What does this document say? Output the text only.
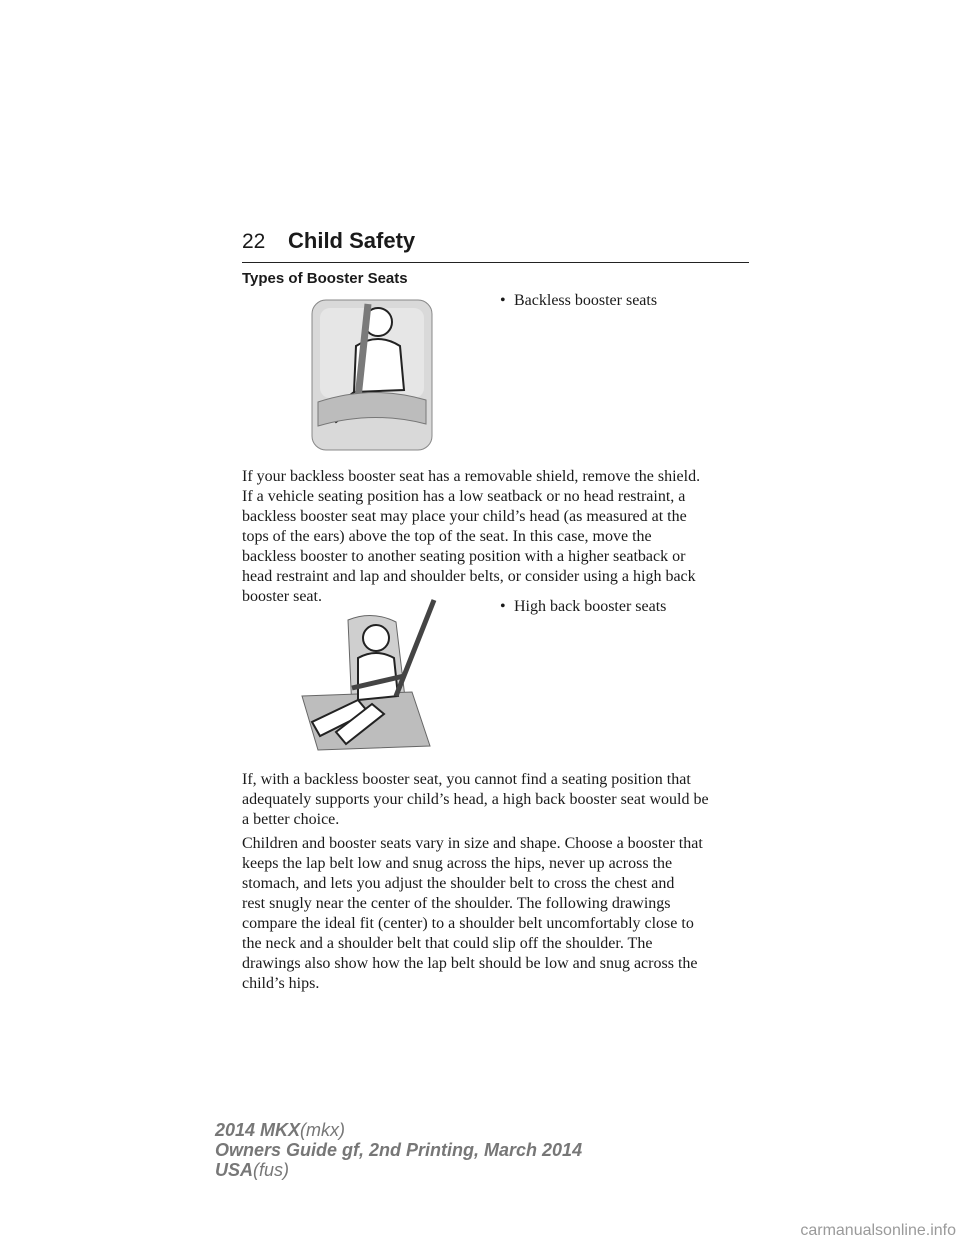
22 Child Safety
Types of Booster Seats
• Backless booster seats
If your backless booster seat has a removable shield, remove the shield.
If a vehicle seating position has a low seatback or no head restraint, a
backless booster seat may place your child’s head (as measured at the
tops of the ears) above the top of the seat. In this case, move the
backless booster to another seating position with a higher seatback or
head restraint and lap and shoulder belts, or consider using a high back
booster seat.
• High back booster seats
If, with a backless booster seat, you cannot find a seating position that
adequately supports your child’s head, a high back booster seat would be
a better choice.
Children and booster seats vary in size and shape. Choose a booster that
keeps the lap belt low and snug across the hips, never up across the
stomach, and lets you adjust the shoulder belt to cross the chest and
rest snugly near the center of the shoulder. The following drawings
compare the ideal fit (center) to a shoulder belt uncomfortably close to
the neck and a shoulder belt that could slip off the shoulder. The
drawings also show how the lap belt should be low and snug across the
child’s hips.
2014 MKX(mkx)
Owners Guide gf, 2nd Printing, March 2014
USA(fus)
carmanualsonline.info
